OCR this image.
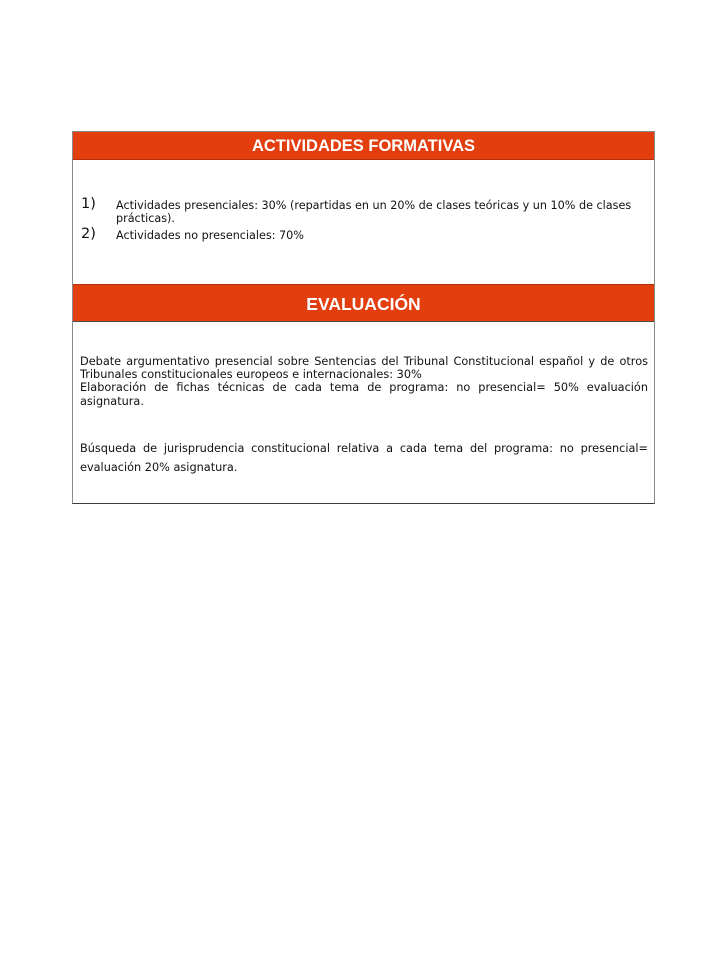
ACTIVIDADES FORMATIVAS
1) Actividades presenciales: 30% (repartidas en un 20% de clases teóricas y un 10% de clases prácticas).
2) Actividades no presenciales: 70%
EVALUACIÓN

Debate argumentativo presencial sobre Sentencias del Tribunal Constitucional español y de otros Tribunales constitucionales europeos e internacionales: 30%

Elaboración de fichas técnicas de cada tema de programa: no presencial= 50% evaluación asignatura.

Búsqueda de jurisprudencia constitucional relativa a cada tema del programa: no presencial= evaluación 20% asignatura.
